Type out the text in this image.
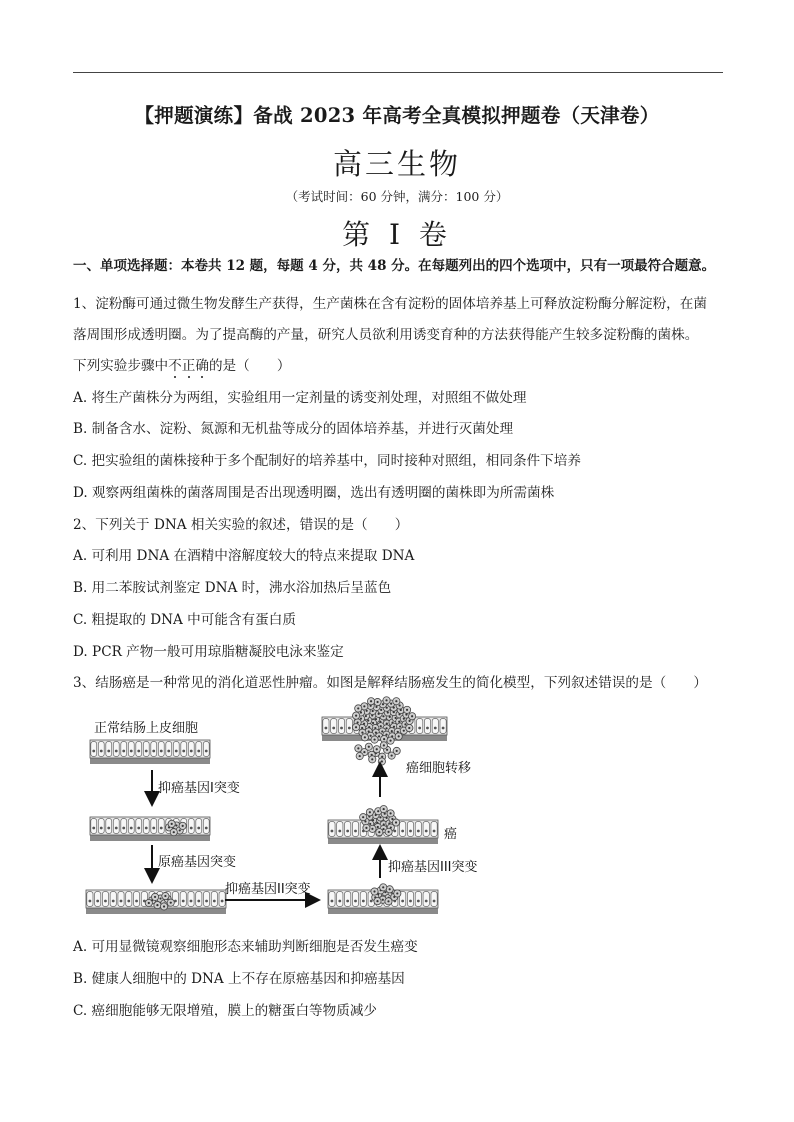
【押题演练】备战 2023 年高考全真模拟押题卷（天津卷）
高三生物
（考试时间：60 分钟，满分：100 分）
第 I 卷
一、单项选择题：本卷共 12 题，每题 4 分，共 48 分。在每题列出的四个选项中，只有一项最符合题意。
1、淀粉酶可通过微生物发酵生产获得，生产菌株在含有淀粉的固体培养基上可释放淀粉酶分解淀粉，在菌
落周围形成透明圈。为了提高酶的产量，研究人员欲利用诱变育种的方法获得能产生较多淀粉酶的菌株。
下列实验步骤中不正确的是（　　）
A. 将生产菌株分为两组，实验组用一定剂量的诱变剂处理，对照组不做处理
B. 制备含水、淀粉、氮源和无机盐等成分的固体培养基，并进行灭菌处理
C. 把实验组的菌株接种于多个配制好的培养基中，同时接种对照组，相同条件下培养
D. 观察两组菌株的菌落周围是否出现透明圈，选出有透明圈的菌株即为所需菌株
2、下列关于 DNA 相关实验的叙述，错误的是（　　）
A. 可利用 DNA 在酒精中溶解度较大的特点来提取 DNA
B. 用二苯胺试剂鉴定 DNA 时，沸水浴加热后呈蓝色
C. 粗提取的 DNA 中可能含有蛋白质
D. PCR 产物一般可用琼脂糖凝胶电泳来鉴定
3、结肠癌是一种常见的消化道恶性肿瘤。如图是解释结肠癌发生的简化模型，下列叙述错误的是（　　）
正常结肠上皮细胞
抑癌基因I突变
原癌基因突变
抑癌基因II突变
抑癌基因III突变
癌
癌细胞转移
A. 可用显微镜观察细胞形态来辅助判断细胞是否发生癌变
B. 健康人细胞中的 DNA 上不存在原癌基因和抑癌基因
C. 癌细胞能够无限增殖，膜上的糖蛋白等物质减少
